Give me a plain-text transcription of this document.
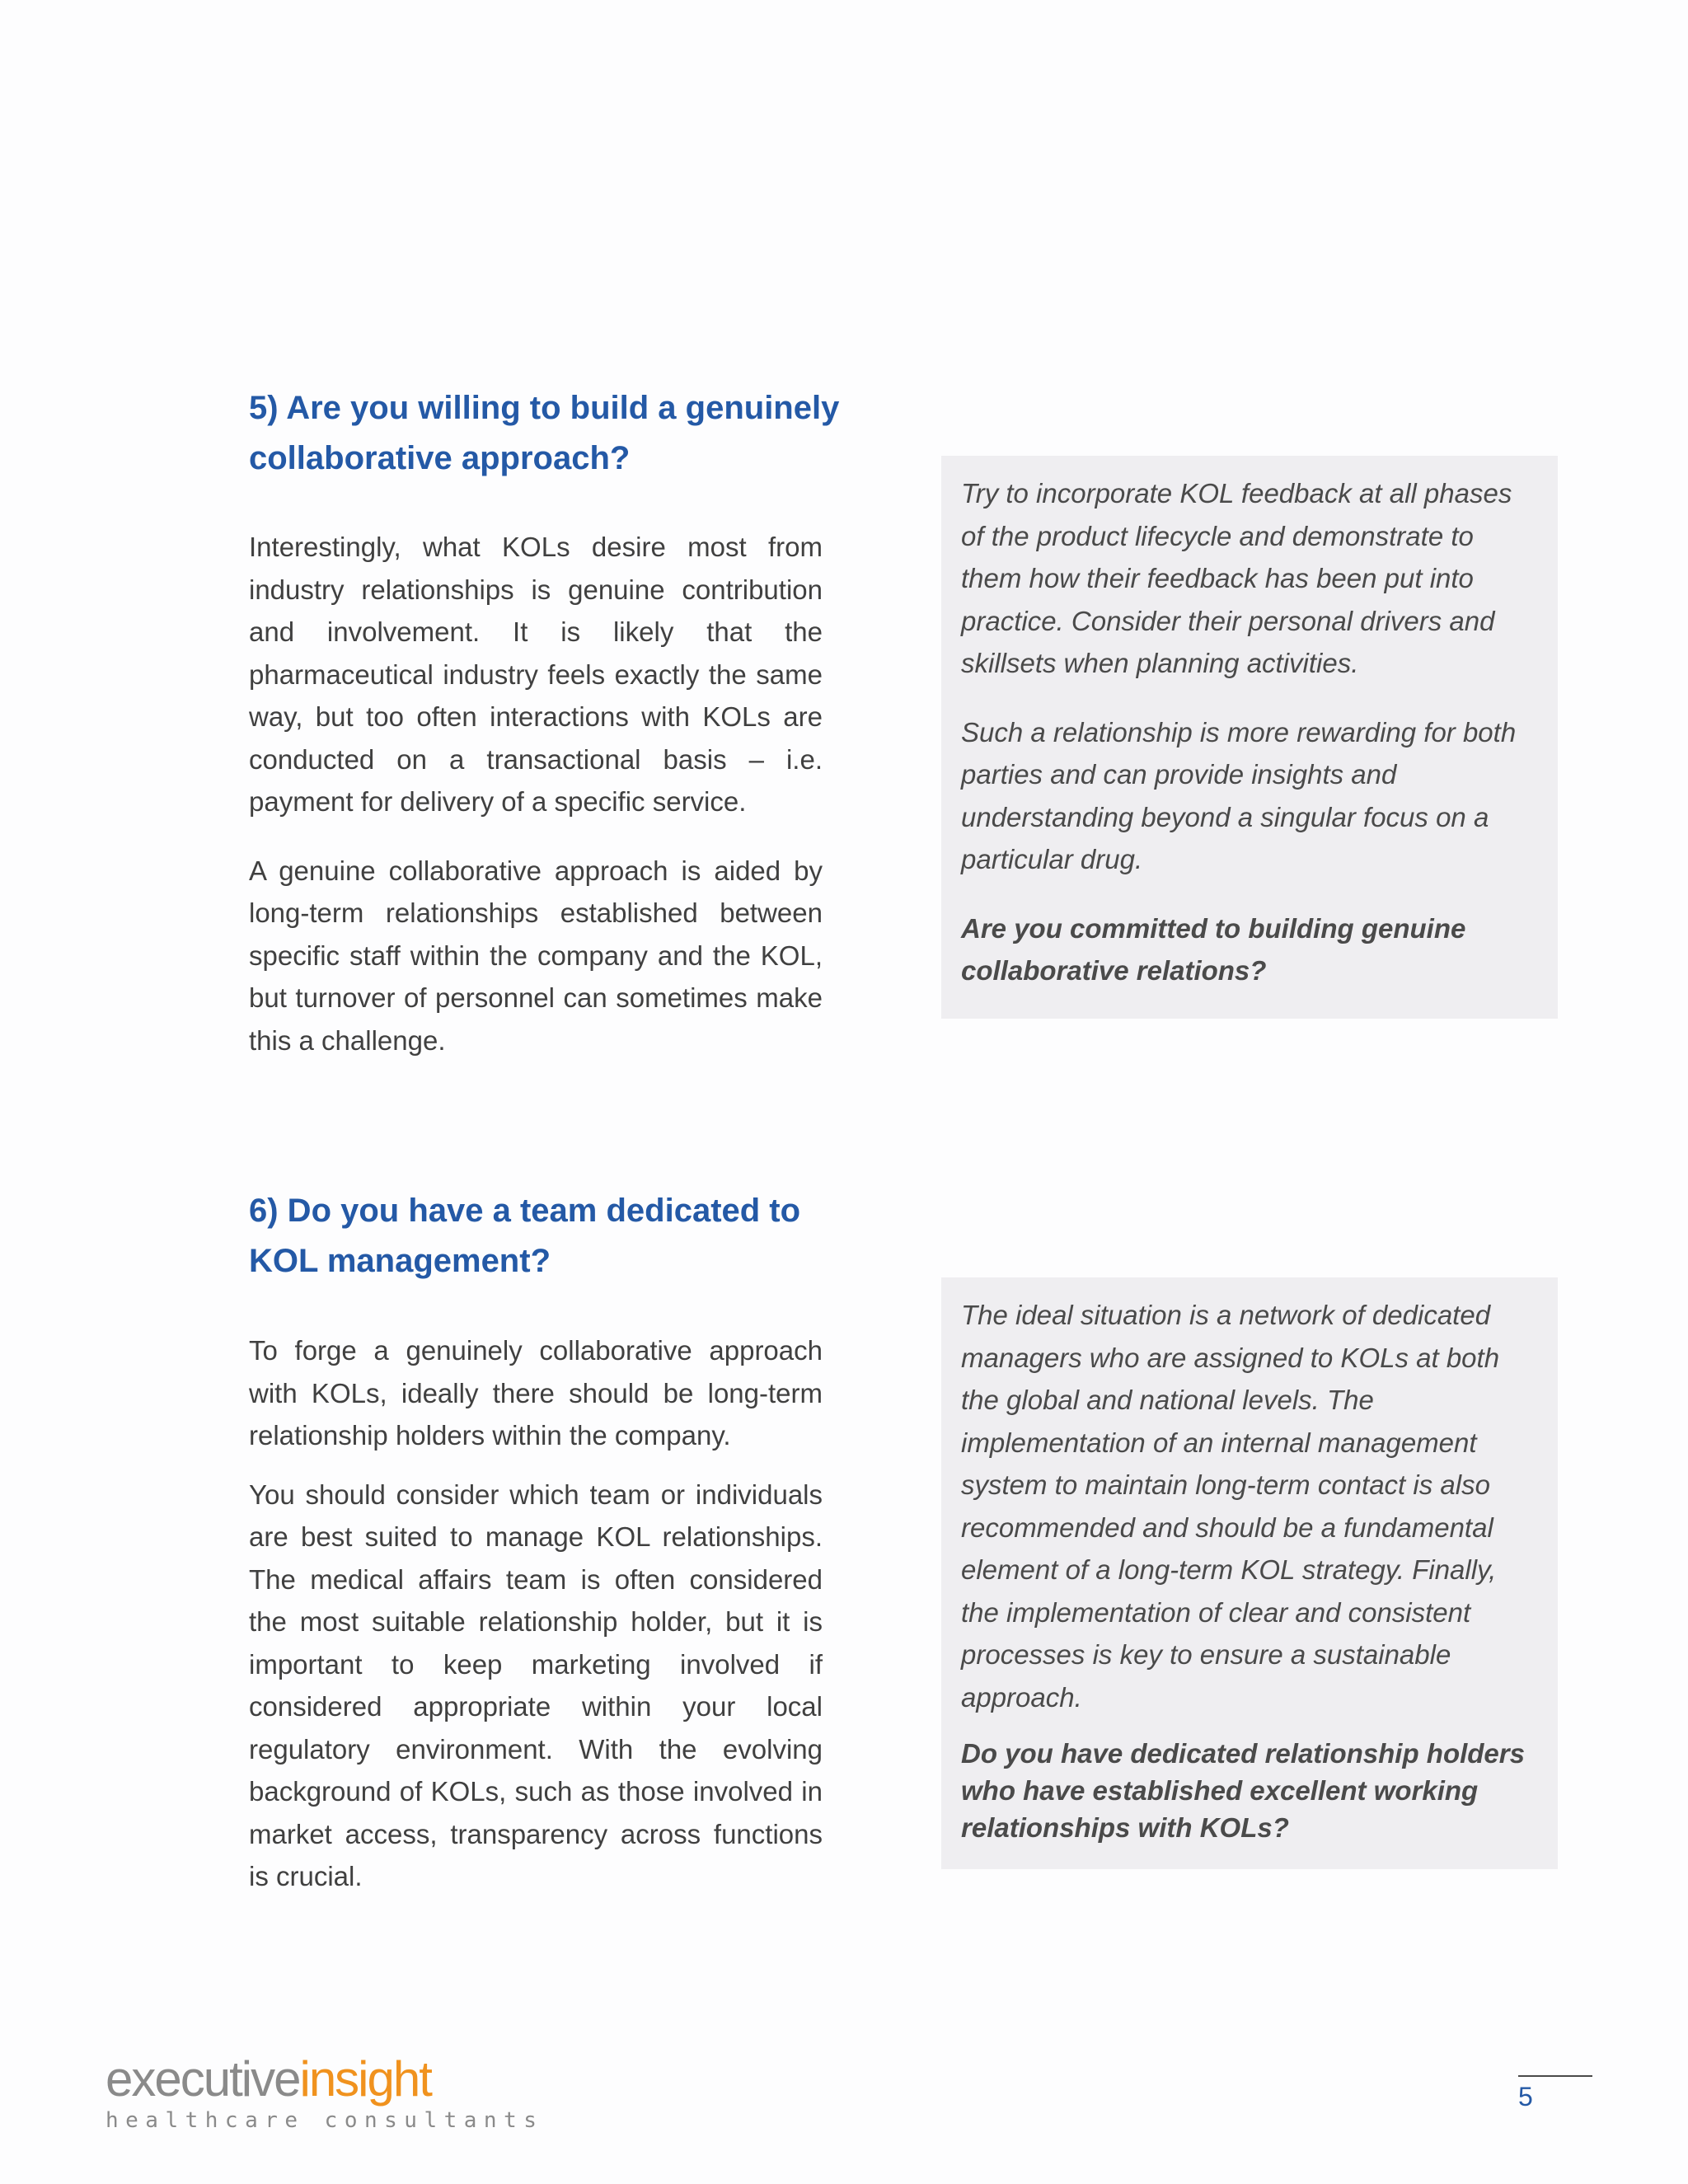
5) Are you willing to build a genuinely
collaborative approach?

Interestingly, what KOLs desire most from industry relationships is genuine contribution and involvement. It is likely that the pharmaceutical industry feels exactly the same way, but too often interactions with KOLs are conducted on a transactional basis – i.e. payment for delivery of a specific service.

A genuine collaborative approach is aided by long-term relationships established between specific staff within the company and the KOL, but turnover of personnel can sometimes make this a challenge.

Try to incorporate KOL feedback at all phases of the product lifecycle and demonstrate to them how their feedback has been put into practice. Consider their personal drivers and skillsets when planning activities.

Such a relationship is more rewarding for both parties and can provide insights and understanding beyond a singular focus on a particular drug.

Are you committed to building genuine collaborative relations?

6) Do you have a team dedicated to
KOL management?

To forge a genuinely collaborative approach with KOLs, ideally there should be long-term relationship holders within the company.

You should consider which team or individuals are best suited to manage KOL relationships. The medical affairs team is often considered the most suitable relationship holder, but it is important to keep marketing involved if considered appropriate within your local regulatory environment. With the evolving background of KOLs, such as those involved in market access, transparency across functions is crucial.

The ideal situation is a network of dedicated managers who are assigned to KOLs at both the global and national levels. The implementation of an internal management system to maintain long-term contact is also recommended and should be a fundamental element of a long-term KOL strategy. Finally, the implementation of clear and consistent processes is key to ensure a sustainable approach.

Do you have dedicated relationship holders who have established excellent working relationships with KOLs?

executiveinsight
healthcare consultants
5
